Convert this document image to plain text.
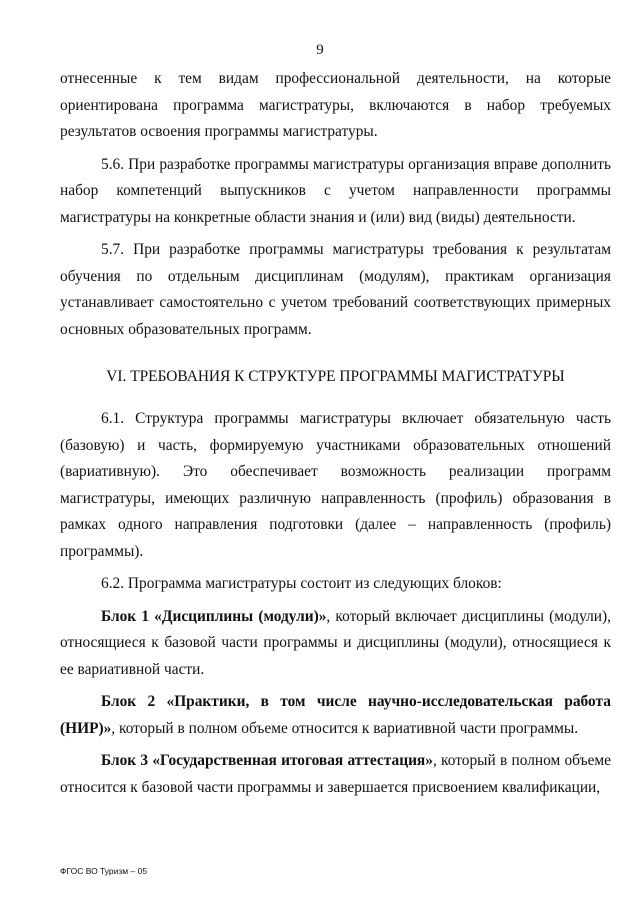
9

отнесенные к тем видам профессиональной деятельности, на которые ориентирована программа магистратуры, включаются в набор требуемых результатов освоения программы магистратуры.

5.6. При разработке программы магистратуры организация вправе дополнить набор компетенций выпускников с учетом направленности программы магистратуры на конкретные области знания и (или) вид (виды) деятельности.

5.7. При разработке программы магистратуры требования к результатам обучения по отдельным дисциплинам (модулям), практикам организация устанавливает самостоятельно с учетом требований соответствующих примерных основных образовательных программ.

VI. ТРЕБОВАНИЯ К СТРУКТУРЕ ПРОГРАММЫ МАГИСТРАТУРЫ

6.1. Структура программы магистратуры включает обязательную часть (базовую) и часть, формируемую участниками образовательных отношений (вариативную). Это обеспечивает возможность реализации программ магистратуры, имеющих различную направленность (профиль) образования в рамках одного направления подготовки (далее – направленность (профиль) программы).

6.2. Программа магистратуры состоит из следующих блоков:

Блок 1 «Дисциплины (модули)», который включает дисциплины (модули), относящиеся к базовой части программы и дисциплины (модули), относящиеся к ее вариативной части.

Блок 2 «Практики, в том числе научно-исследовательская работа (НИР)», который в полном объеме относится к вариативной части программы.

Блок 3 «Государственная итоговая аттестация», который в полном объеме относится к базовой части программы и завершается присвоением квалификации,

ФГОС ВО Туризм – 05
